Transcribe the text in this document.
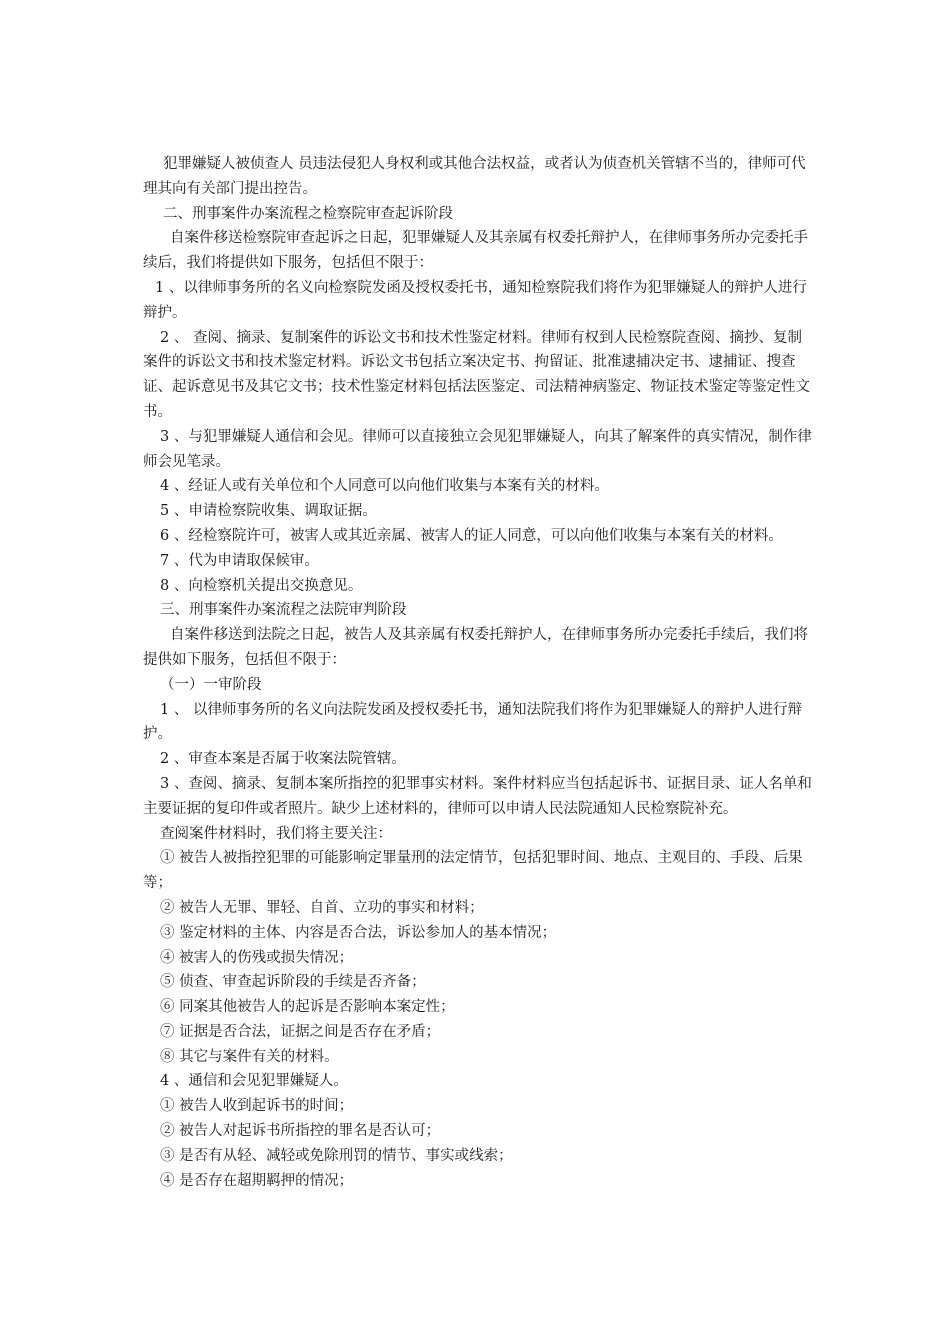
犯罪嫌疑人被侦查人 员违法侵犯人身权利或其他合法权益，或者认为侦查机关管辖不当的，律师可代理其向有关部门提出控告。

二、刑事案件办案流程之检察院审查起诉阶段

自案件移送检察院审查起诉之日起，犯罪嫌疑人及其亲属有权委托辩护人，在律师事务所办完委托手续后，我们将提供如下服务，包括但不限于：

1 、以律师事务所的名义向检察院发函及授权委托书，通知检察院我们将作为犯罪嫌疑人的辩护人进行辩护。

2 、 查阅、摘录、复制案件的诉讼文书和技术性鉴定材料。律师有权到人民检察院查阅、摘抄、复制案件的诉讼文书和技术鉴定材料。诉讼文书包括立案决定书、拘留证、批准逮捕决定书、逮捕证、搜查证、起诉意见书及其它文书；技术性鉴定材料包括法医鉴定、司法精神病鉴定、物证技术鉴定等鉴定性文书。

3 、与犯罪嫌疑人通信和会见。律师可以直接独立会见犯罪嫌疑人，向其了解案件的真实情况，制作律师会见笔录。

4 、经证人或有关单位和个人同意可以向他们收集与本案有关的材料。

5 、申请检察院收集、调取证据。

6 、经检察院许可，被害人或其近亲属、被害人的证人同意，可以向他们收集与本案有关的材料。

7 、代为申请取保候审。

8 、向检察机关提出交换意见。

三、刑事案件办案流程之法院审判阶段

自案件移送到法院之日起，被告人及其亲属有权委托辩护人，在律师事务所办完委托手续后，我们将提供如下服务，包括但不限于：

（一）一审阶段

1 、 以律师事务所的名义向法院发函及授权委托书，通知法院我们将作为犯罪嫌疑人的辩护人进行辩护。

2 、审查本案是否属于收案法院管辖。

3 、查阅、摘录、复制本案所指控的犯罪事实材料。案件材料应当包括起诉书、证据目录、证人名单和主要证据的复印件或者照片。缺少上述材料的，律师可以申请人民法院通知人民检察院补充。

查阅案件材料时，我们将主要关注：

① 被告人被指控犯罪的可能影响定罪量刑的法定情节，包括犯罪时间、地点、主观目的、手段、后果等；

② 被告人无罪、罪轻、自首、立功的事实和材料；

③ 鉴定材料的主体、内容是否合法，诉讼参加人的基本情况；

④ 被害人的伤残或损失情况；

⑤ 侦查、审查起诉阶段的手续是否齐备；

⑥ 同案其他被告人的起诉是否影响本案定性；

⑦ 证据是否合法，证据之间是否存在矛盾；

⑧ 其它与案件有关的材料。

4 、通信和会见犯罪嫌疑人。

① 被告人收到起诉书的时间；

② 被告人对起诉书所指控的罪名是否认可；

③ 是否有从轻、减轻或免除刑罚的情节、事实或线索；

④ 是否存在超期羁押的情况；
